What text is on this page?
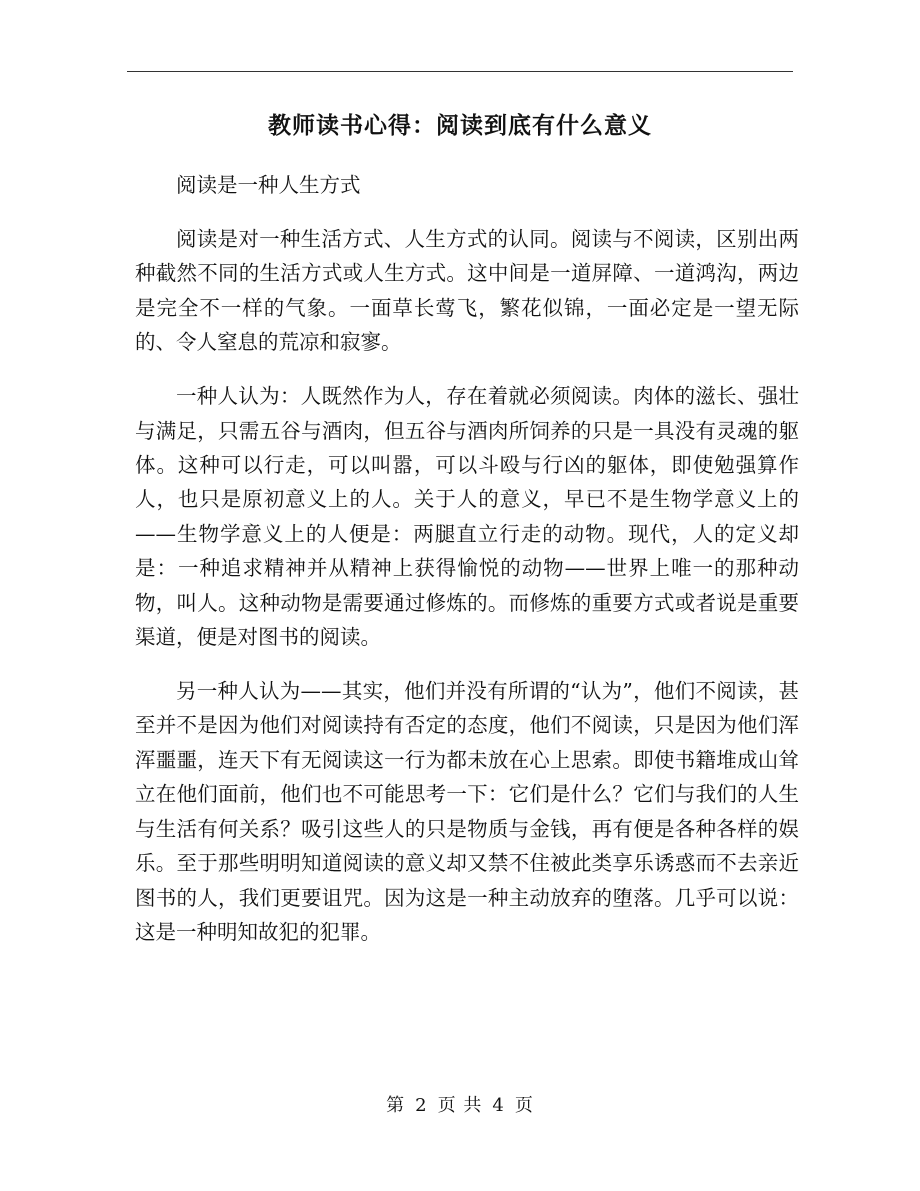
教师读书心得：阅读到底有什么意义

阅读是一种人生方式

阅读是对一种生活方式、人生方式的认同。阅读与不阅读，区别出两种截然不同的生活方式或人生方式。这中间是一道屏障、一道鸿沟，两边是完全不一样的气象。一面草长莺飞，繁花似锦，一面必定是一望无际的、令人窒息的荒凉和寂寥。

一种人认为：人既然作为人，存在着就必须阅读。肉体的滋长、强壮与满足，只需五谷与酒肉，但五谷与酒肉所饲养的只是一具没有灵魂的躯体。这种可以行走，可以叫嚣，可以斗殴与行凶的躯体，即使勉强算作人，也只是原初意义上的人。关于人的意义，早已不是生物学意义上的——生物学意义上的人便是：两腿直立行走的动物。现代，人的定义却是：一种追求精神并从精神上获得愉悦的动物——世界上唯一的那种动物，叫人。这种动物是需要通过修炼的。而修炼的重要方式或者说是重要渠道，便是对图书的阅读。

另一种人认为——其实，他们并没有所谓的“认为”，他们不阅读，甚至并不是因为他们对阅读持有否定的态度，他们不阅读，只是因为他们浑浑噩噩，连天下有无阅读这一行为都未放在心上思索。即使书籍堆成山耸立在他们面前，他们也不可能思考一下：它们是什么？它们与我们的人生与生活有何关系？吸引这些人的只是物质与金钱，再有便是各种各样的娱乐。至于那些明明知道阅读的意义却又禁不住被此类享乐诱惑而不去亲近图书的人，我们更要诅咒。因为这是一种主动放弃的堕落。几乎可以说：这是一种明知故犯的犯罪。

第 2 页 共 4 页
